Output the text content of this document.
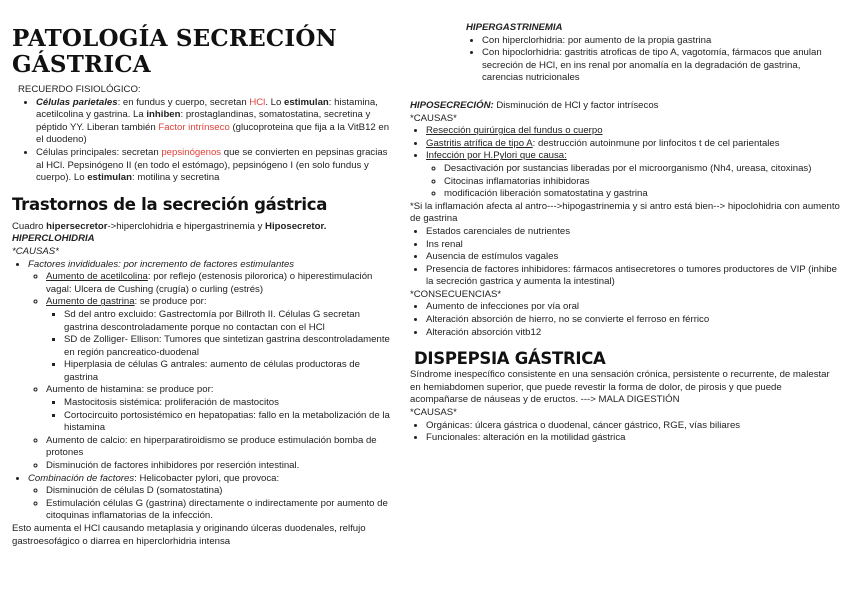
PATOLOGÍA SECRECIÓN GÁSTRICA

RECUERDO FISIOLÓGICO:

• Células parietales: en fundus y cuerpo, secretan HCl. Lo estimulan: histamina, acetilcolina y gastrina. La inhiben: prostaglandinas, somatostatina, secretina y péptido YY. Liberan también Factor intrínseco (glucoproteina que fija a la VitB12 en el duodeno)
• Células principales: secretan pepsinógenos que se convierten en pepsinas gracias al HCl. Pepsinógeno II (en todo el estómago), pepsinógeno I (en solo fundus y cuerpo). Lo estimulan: motilina y secretina
Trastornos de la secreción gástrica

Cuadro hipersecretor->hiperclohidria e hipergastrinemia y Hiposecretor.

HIPERCLOHIDRIA

*CAUSAS*

• Factores invididuales: por incremento de factores estimulantes
◦ Aumento de acetilcolina: por reflejo (estenosis pilororica) o hiperestimulación vagal: Ulcera de Cushing (crugía) o curling (estrés)
◦ Aumento de gastrina: se produce por:
▪ Sd del antro excluido: Gastrectomía por Billroth II. Células G secretan gastrina descontroladamente porque no contactan con el HCl
▪ SD de Zolliger- Ellison: Tumores que sintetizan gastrina descontroladamente en región pancreatico-duodenal
▪ Hiperplasia de células G antrales: aumento de células productoras de gastrina
◦ Aumento de histamina: se produce por:
▪ Mastocitosis sistémica: proliferación de mastocitos
▪ Cortocircuito portosistémico en hepatopatias: fallo en la metabolización de la histamina
◦ Aumento de calcio: en hiperparatiroidismo se produce estimulación bomba de protones
◦ Disminución de factores inhibidores por reserción intestinal.
• Combinación de factores: Helicobacter pylori, que provoca:
◦ Disminución de células D (somatostatina)
◦ Estimulación células G (gastrina) directamente o indirectamente por aumento de citoquinas inflamatorias de la infección.

Esto aumenta el HCl causando metaplasia y originando úlceras duodenales, relfujo gastroesofágico o diarrea en hiperclorhidria intensa

HIPERGASTRINEMIA

• Con hiperclorhidria: por aumento de la propia gastrina
• Con hipoclorhidria: gastritis atroficas de tipo A, vagotomía, fármacos que anulan secreción de HCl, en ins renal por anomalía en la degradación de gastrina, carencias nutricionales

HIPOSECRECIÓN: Disminución de HCl y factor intrísecos

*CAUSAS*

• Resección quirúrgica del fundus o cuerpo
• Gastritis atrífica de tipo A: destrucción autoinmune por linfocitos t de cel parientales
• Infección por H.Pylori que causa:
◦ Desactivación por sustancias liberadas por el microorganismo (Nh4, ureasa, citoxinas)
◦ Citocinas inflamatorias inhibidoras
◦ modificación liberación somatostatina y gastrina

*Si la inflamación afecta al antro--->hipogastrinemia y si antro está bien--> hipoclohidria con aumento de gastrina

• Estados carenciales de nutrientes
• Ins renal
• Ausencia de estímulos vagales
• Presencia de factores inhibidores: fármacos antisecretores o tumores productores de VIP (inhibe la secreción gastrica y aumenta la intestinal)

*CONSECUENCIAS*

• Aumento de infecciones por vía oral
• Alteración absorción de hierro, no se convierte el ferroso en férrico
• Alteración absorción vitb12
DISPEPSIA GÁSTRICA

Síndrome inespecífico consistente en una sensación crónica, persistente o recurrente, de malestar en hemiabdomen superior, que puede revestir la forma de dolor, de pirosis y que puede acompañarse de náuseas y de eructos. ---> MALA DIGESTIÓN

*CAUSAS*

• Orgánicas: úlcera gástrica o duodenal, cáncer gástrico, RGE, vías biliares
• Funcionales: alteración en la motilidad gástrica
